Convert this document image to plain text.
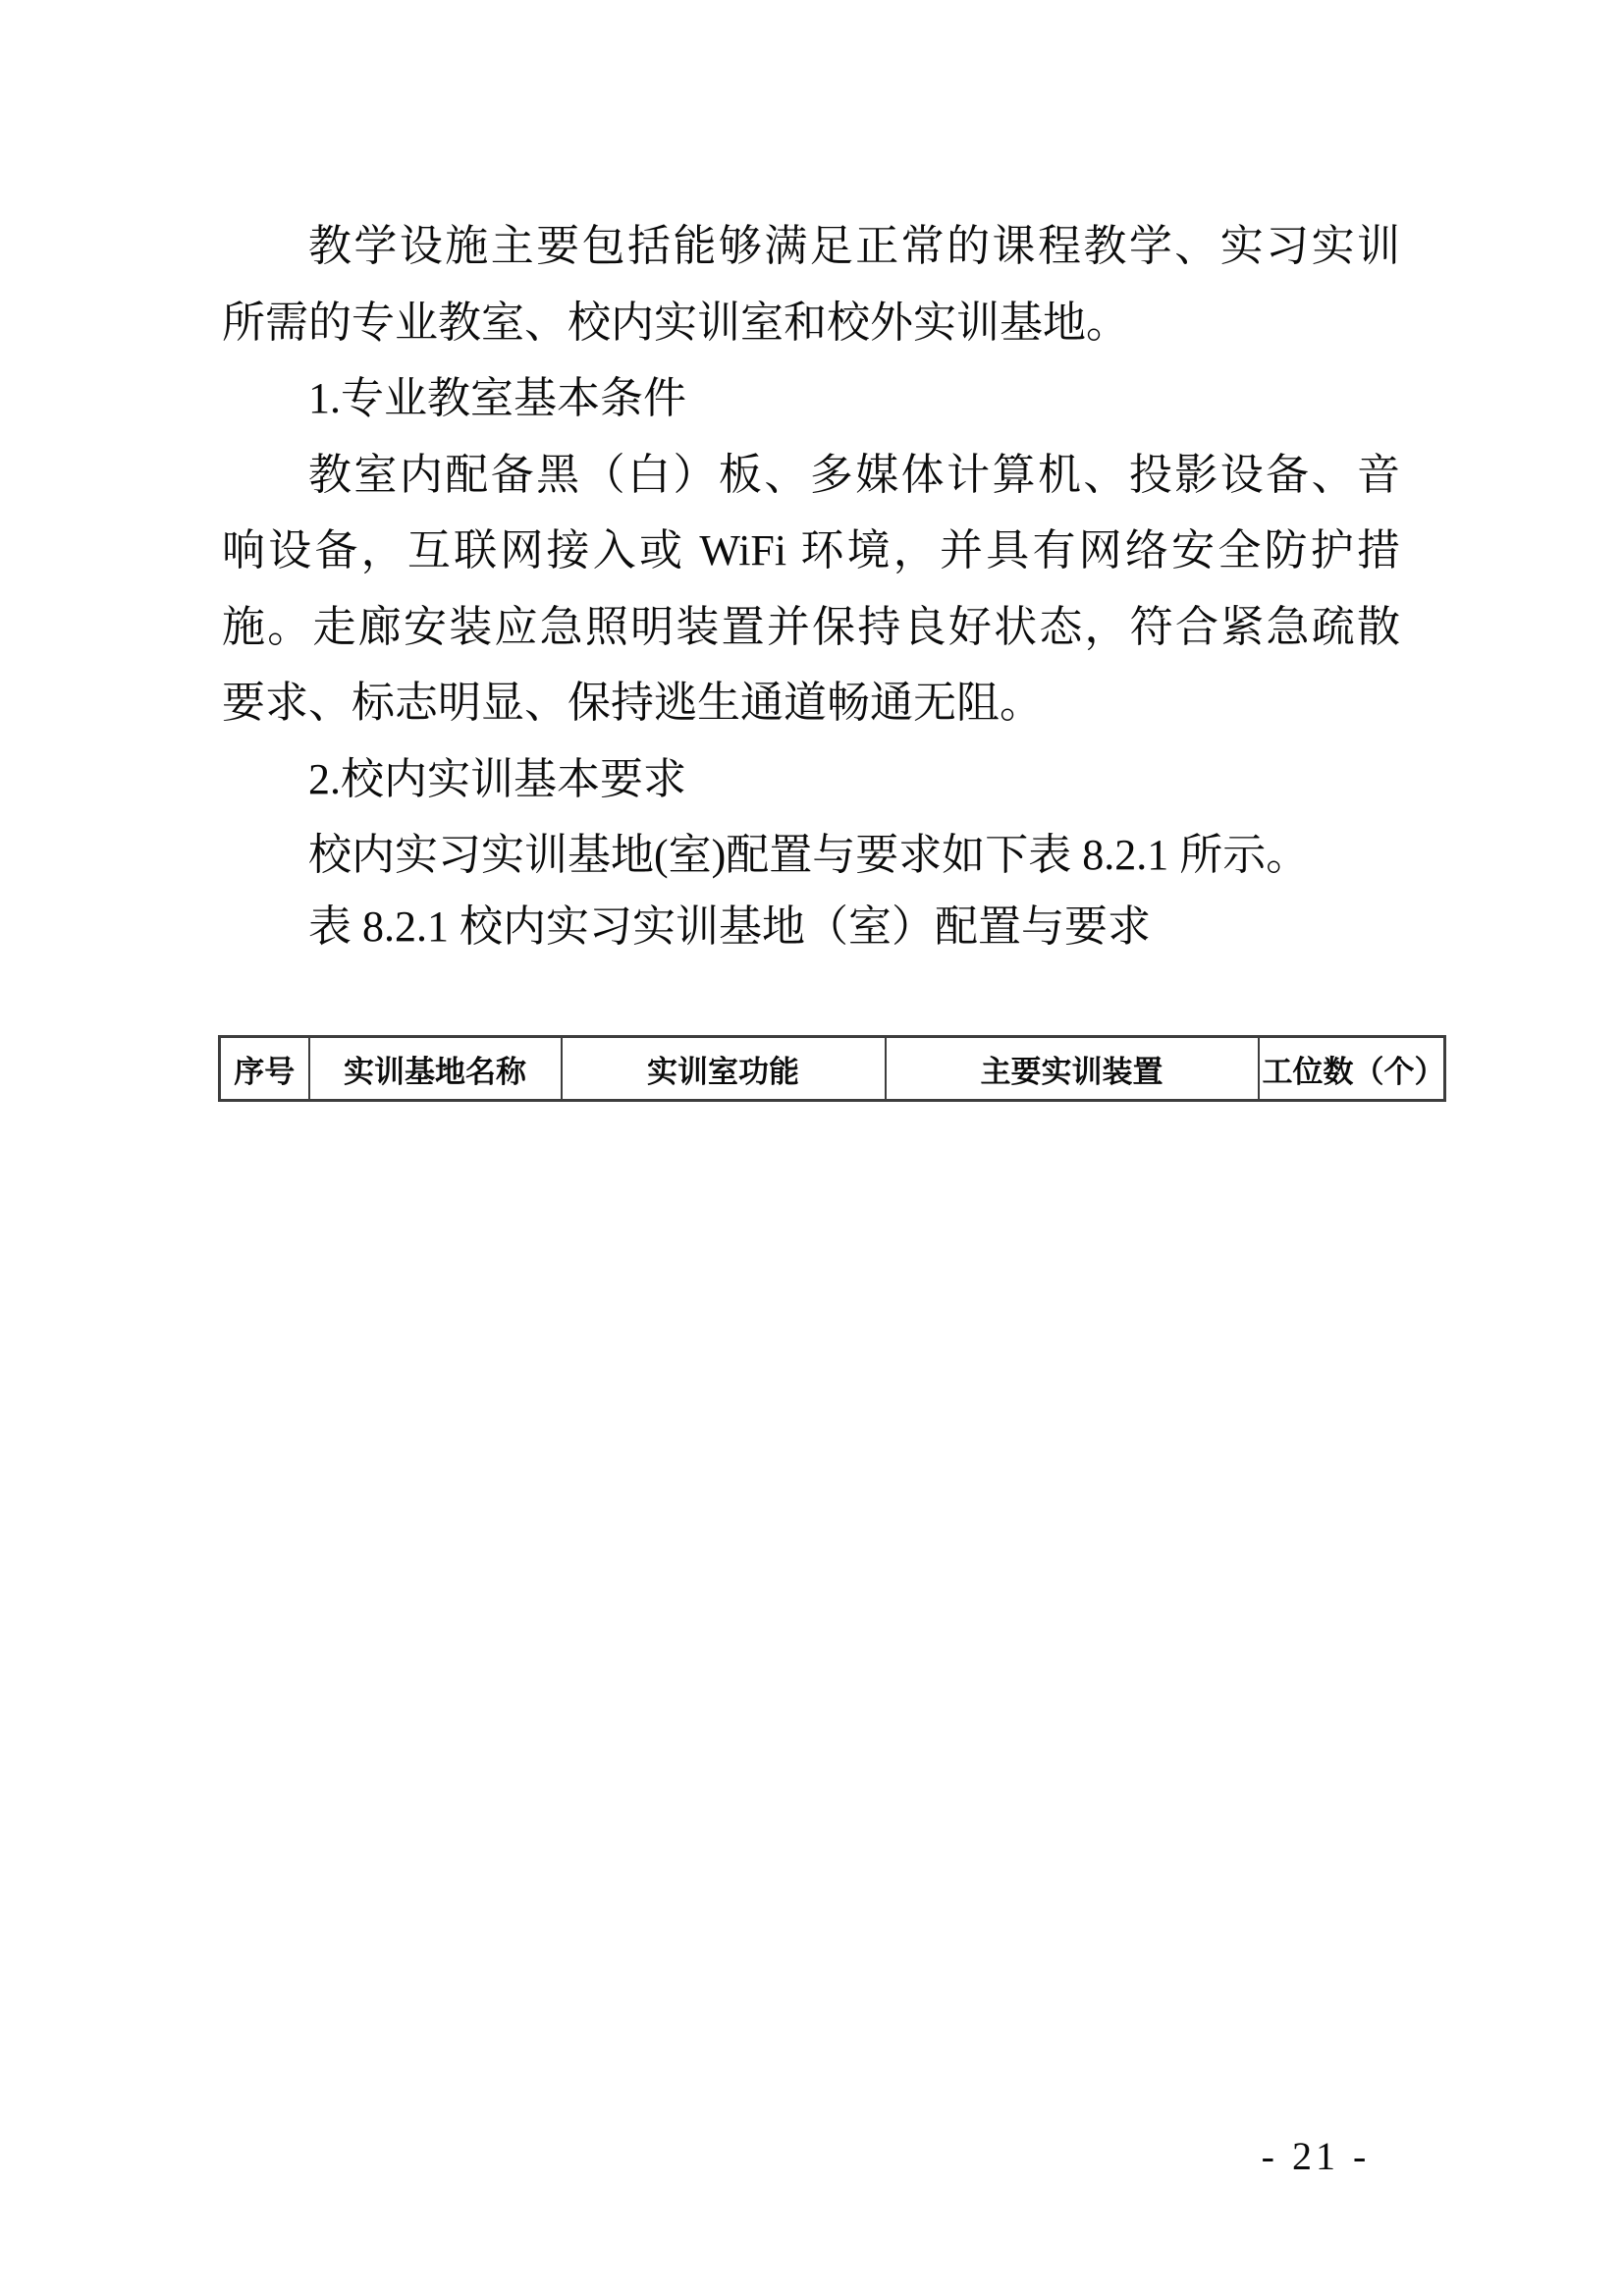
教学设施主要包括能够满足正常的课程教学、实习实训
所需的专业教室、校内实训室和校外实训基地。
1.专业教室基本条件
教室内配备黑（白）板、多媒体计算机、投影设备、音
响设备，互联网接入或 WiFi 环境，并具有网络安全防护措
施。走廊安装应急照明装置并保持良好状态，符合紧急疏散
要求、标志明显、保持逃生通道畅通无阻。
2.校内实训基本要求
校内实习实训基地(室)配置与要求如下表 8.2.1 所示。
表 8.2.1 校内实习实训基地（室）配置与要求
序号	实训基地名称	实训室功能	主要实训装置	工位数（个）
- 21 -
